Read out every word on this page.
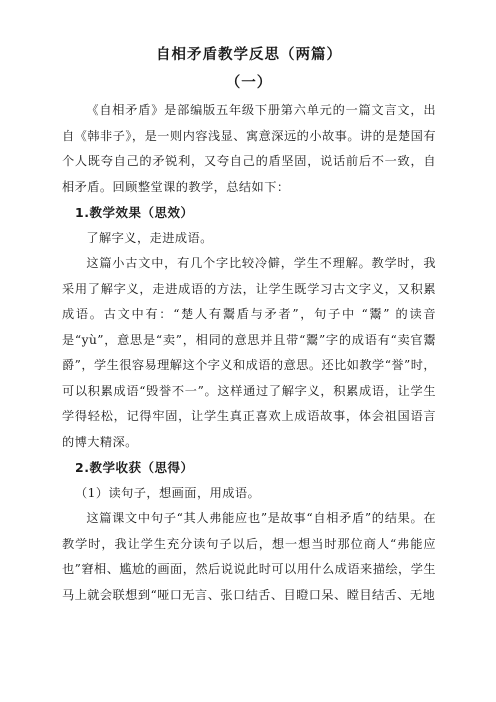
自相矛盾教学反思（两篇）
（一）

《自相矛盾》是部编版五年级下册第六单元的一篇文言文，出自《韩非子》，是一则内容浅显、寓意深远的小故事。讲的是楚国有个人既夸自己的矛锐利，又夸自己的盾坚固，说话前后不一致，自相矛盾。回顾整堂课的教学，总结如下：

1.教学效果（思效）

了解字义，走进成语。

这篇小古文中，有几个字比较冷僻，学生不理解。教学时，我采用了解字义，走进成语的方法，让学生既学习古文字义，又积累成语。古文中有：“楚人有鬻盾与矛者”，句子中 “鬻” 的读音是“yù”，意思是“卖”，相同的意思并且带“鬻”字的成语有“卖官鬻爵”，学生很容易理解这个字义和成语的意思。还比如教学“誉”时，可以积累成语“毁誉不一”。这样通过了解字义，积累成语，让学生学得轻松，记得牢固，让学生真正喜欢上成语故事，体会祖国语言的博大精深。

2.教学收获（思得）
（1）读句子，想画面，用成语。

这篇课文中句子“其人弗能应也”是故事“自相矛盾”的结果。在教学时，我让学生充分读句子以后，想一想当时那位商人“弗能应也”窘相、尴尬的画面，然后说说此时可以用什么成语来描绘，学生马上就会联想到“哑口无言、张口结舌、目瞪口呆、瞠目结舌、无地
